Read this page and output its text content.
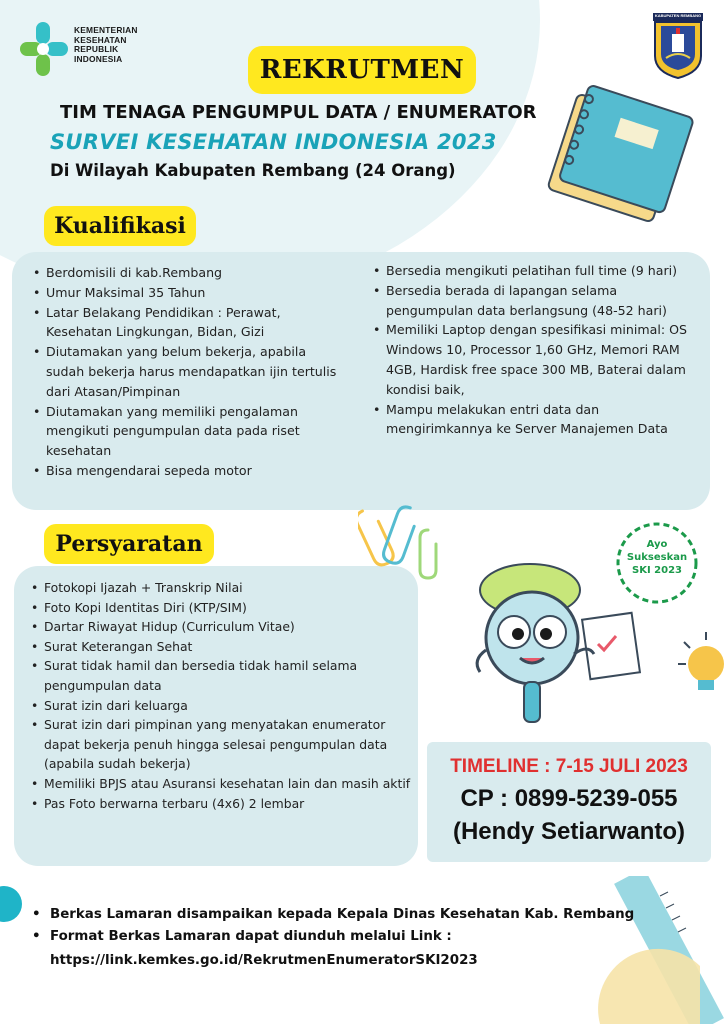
KEMENTERIAN
KESEHATAN
REPUBLIK
INDONESIA
KABUPATEN REMBANG
REKRUTMEN
TIM TENAGA PENGUMPUL DATA / ENUMERATOR
SURVEI KESEHATAN INDONESIA 2023
Di Wilayah Kabupaten Rembang (24 Orang)
Kualifikasi
• Berdomisili di kab.Rembang
• Umur Maksimal 35 Tahun
• Latar Belakang Pendidikan : Perawat, Kesehatan Lingkungan, Bidan, Gizi
• Diutamakan yang belum bekerja, apabila sudah bekerja harus mendapatkan ijin tertulis dari Atasan/Pimpinan
• Diutamakan yang memiliki pengalaman mengikuti pengumpulan data pada riset kesehatan
• Bisa mengendarai sepeda motor
• Bersedia mengikuti pelatihan full time (9 hari)
• Bersedia berada di lapangan selama pengumpulan data berlangsung (48-52 hari)
• Memiliki Laptop dengan spesifikasi minimal: OS Windows 10, Processor 1,60 GHz, Memori RAM 4GB, Hardisk free space 300 MB, Baterai dalam kondisi baik,
• Mampu melakukan entri data dan mengirimkannya ke Server Manajemen Data
Persyaratan
• Fotokopi Ijazah + Transkrip Nilai
• Foto Kopi Identitas Diri (KTP/SIM)
• Dartar Riwayat Hidup (Curriculum Vitae)
• Surat Keterangan Sehat
• Surat tidak hamil dan bersedia tidak hamil selama pengumpulan data
• Surat izin dari keluarga
• Surat izin dari pimpinan yang menyatakan enumerator dapat bekerja penuh hingga selesai pengumpulan data (apabila sudah bekerja)
• Memiliki BPJS atau Asuransi kesehatan lain dan masih aktif
• Pas Foto berwarna terbaru (4x6) 2 lembar
Ayo
Sukseskan
SKI 2023
TIMELINE : 7-15 JULI 2023
CP : 0899-5239-055
(Hendy Setiarwanto)
• Berkas Lamaran disampaikan kepada Kepala Dinas Kesehatan Kab. Rembang
• Format Berkas Lamaran dapat diunduh melalui Link :
https://link.kemkes.go.id/RekrutmenEnumeratorSKI2023
